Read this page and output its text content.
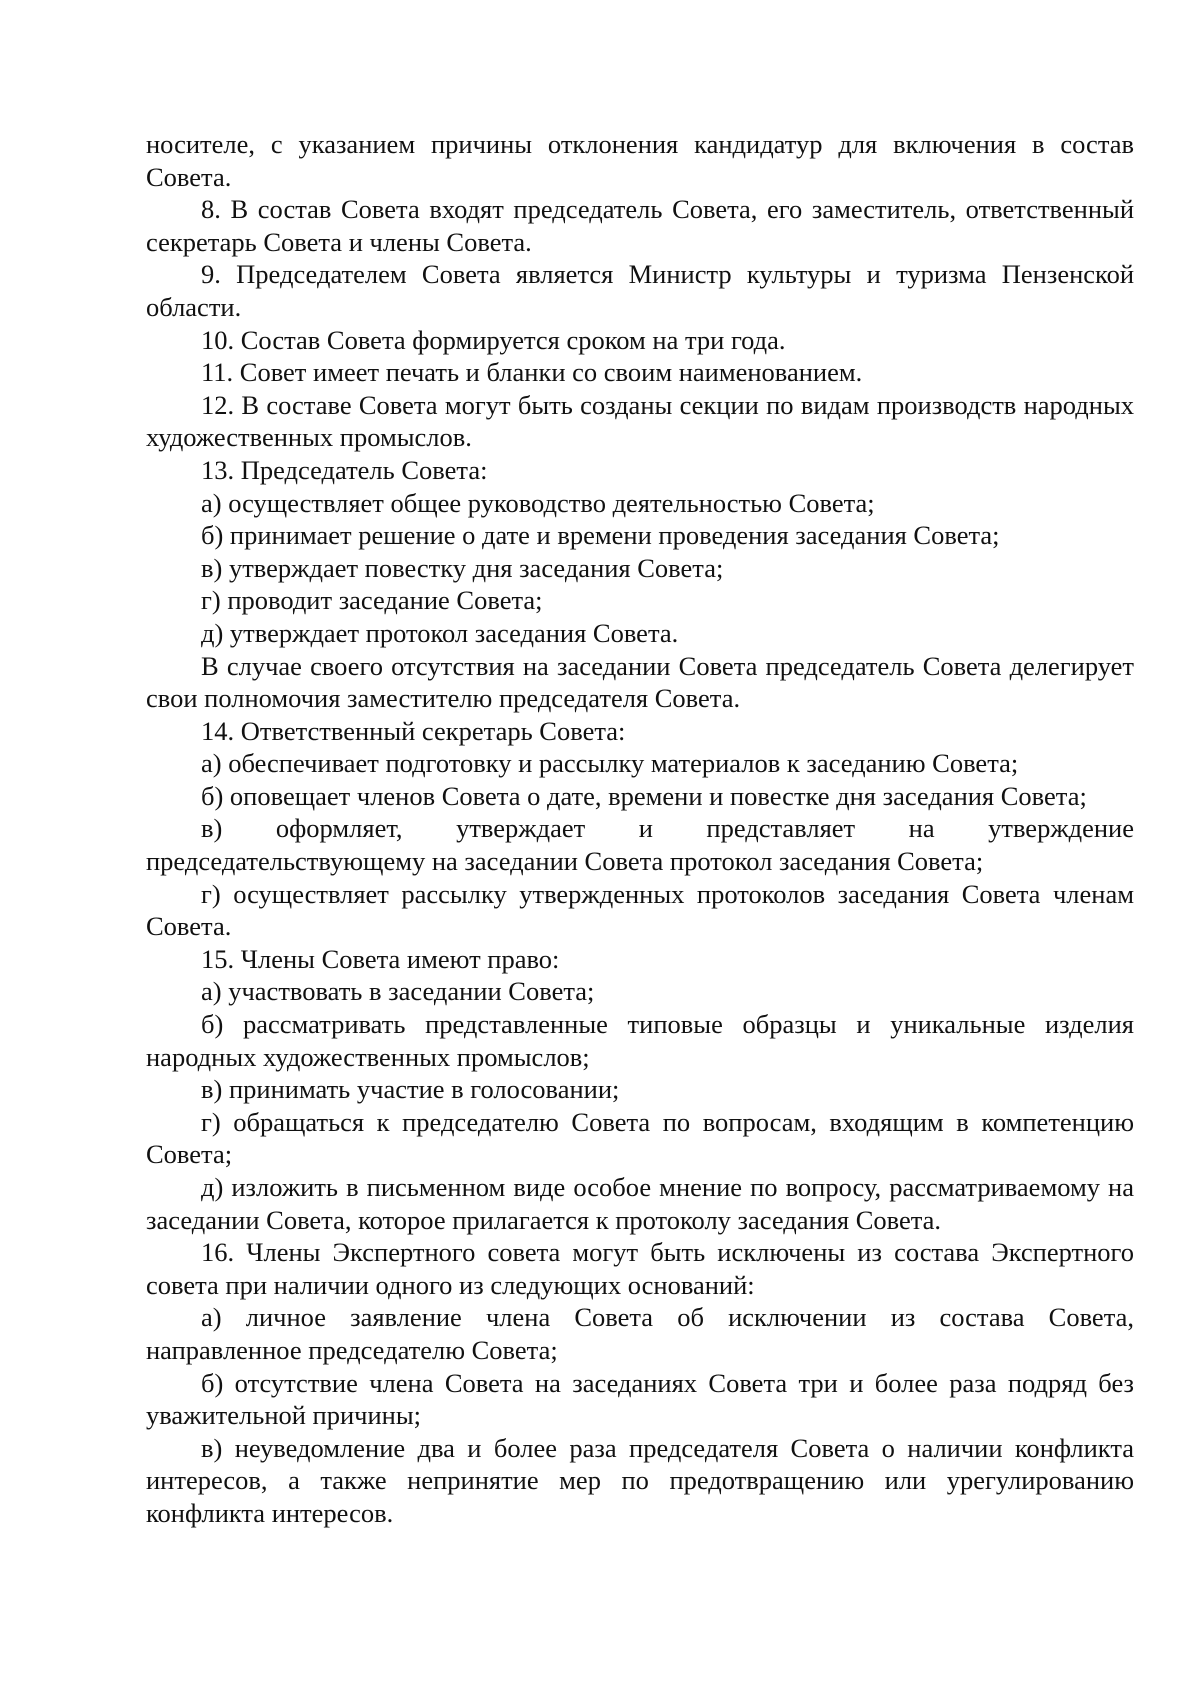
носителе, с указанием причины отклонения кандидатур для включения в состав Совета.

8. В состав Совета входят председатель Совета, его заместитель, ответственный секретарь Совета и члены Совета.

9. Председателем Совета является Министр культуры и туризма Пензенской области.

10. Состав Совета формируется сроком на три года.

11. Совет имеет печать и бланки со своим наименованием.

12. В составе Совета могут быть созданы секции по видам производств народных художественных промыслов.

13. Председатель Совета:

а) осуществляет общее руководство деятельностью Совета;

б) принимает решение о дате и времени проведения заседания Совета;

в) утверждает повестку дня заседания Совета;

г) проводит заседание Совета;

д) утверждает протокол заседания Совета.

В случае своего отсутствия на заседании Совета председатель Совета делегирует свои полномочия заместителю председателя Совета.

14. Ответственный секретарь Совета:

а) обеспечивает подготовку и рассылку материалов к заседанию Совета;

б) оповещает членов Совета о дате, времени и повестке дня заседания Совета;

в) оформляет, утверждает и представляет на утверждение председательствующему на заседании Совета протокол заседания Совета;

г) осуществляет рассылку утвержденных протоколов заседания Совета членам Совета.

15. Члены Совета имеют право:

а) участвовать в заседании Совета;

б) рассматривать представленные типовые образцы и уникальные изделия народных художественных промыслов;

в) принимать участие в голосовании;

г) обращаться к председателю Совета по вопросам, входящим в компетенцию Совета;

д) изложить в письменном виде особое мнение по вопросу, рассматриваемому на заседании Совета, которое прилагается к протоколу заседания Совета.

16. Члены Экспертного совета могут быть исключены из состава Экспертного совета при наличии одного из следующих оснований:

а) личное заявление члена Совета об исключении из состава Совета, направленное председателю Совета;

б) отсутствие члена Совета на заседаниях Совета три и более раза подряд без уважительной причины;

в) неуведомление два и более раза председателя Совета о наличии конфликта интересов, а также непринятие мер по предотвращению или урегулированию конфликта интересов.
